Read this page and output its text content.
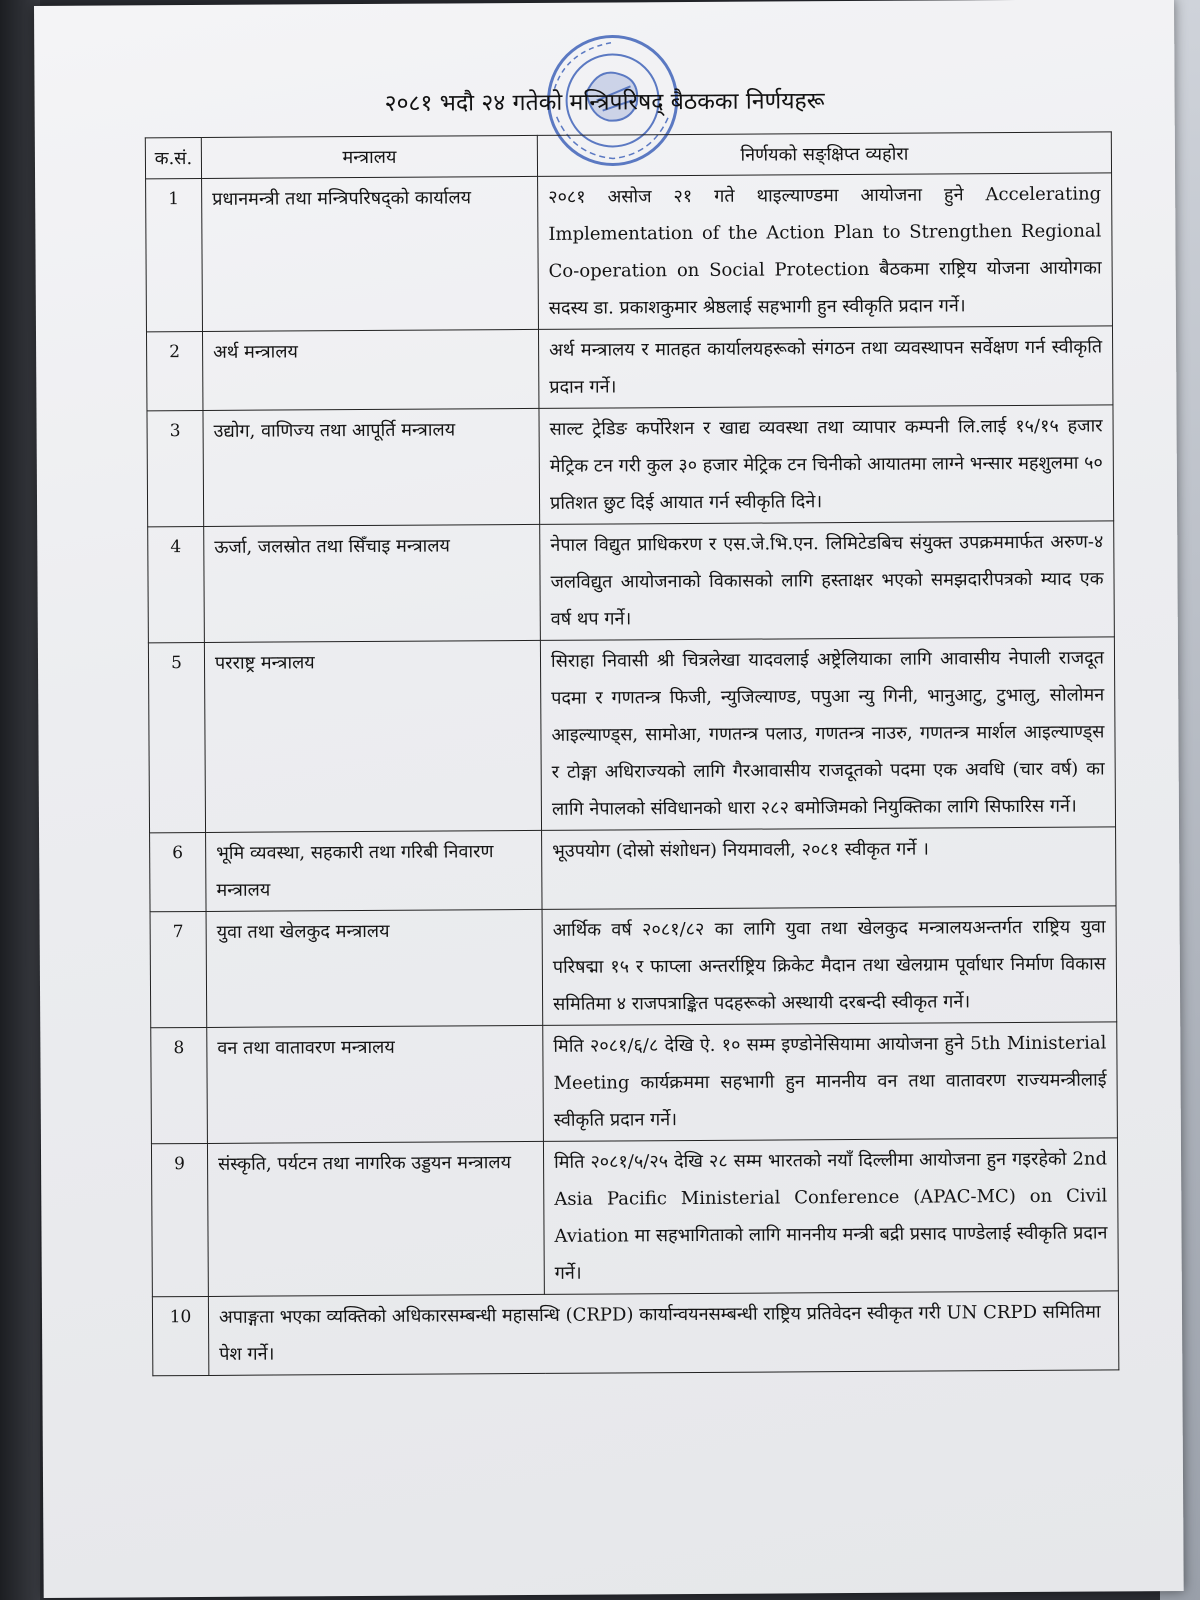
२०८१ भदौ २४ गतेको मन्त्रिपरिषद् बैठकका निर्णयहरू
क.सं.	मन्त्रालय	निर्णयको सङ्क्षिप्त व्यहोरा
1	प्रधानमन्त्री तथा मन्त्रिपरिषद्को कार्यालय	२०८१ असोज २१ गते थाइल्याण्डमा आयोजना हुने Accelerating Implementation of the Action Plan to Strengthen Regional Co-operation on Social Protection बैठकमा राष्ट्रिय योजना आयोगका सदस्य डा. प्रकाशकुमार श्रेष्ठलाई सहभागी हुन स्वीकृति प्रदान गर्ने।
2	अर्थ मन्त्रालय	अर्थ मन्त्रालय र मातहत कार्यालयहरूको संगठन तथा व्यवस्थापन सर्वेक्षण गर्न स्वीकृति प्रदान गर्ने।
3	उद्योग, वाणिज्य तथा आपूर्ति मन्त्रालय	साल्ट ट्रेडिङ कर्पोरेशन र खाद्य व्यवस्था तथा व्यापार कम्पनी लि.लाई १५/१५ हजार मेट्रिक टन गरी कुल ३० हजार मेट्रिक टन चिनीको आयातमा लाग्ने भन्सार महशुलमा ५० प्रतिशत छुट दिई आयात गर्न स्वीकृति दिने।
4	ऊर्जा, जलस्रोत तथा सिँचाइ मन्त्रालय	नेपाल विद्युत प्राधिकरण र एस.जे.भि.एन. लिमिटेडबिच संयुक्त उपक्रममार्फत अरुण-४ जलविद्युत आयोजनाको विकासको लागि हस्ताक्षर भएको समझदारीपत्रको म्याद एक वर्ष थप गर्ने।
5	परराष्ट्र मन्त्रालय	सिराहा निवासी श्री चित्रलेखा यादवलाई अष्ट्रेलियाका लागि आवासीय नेपाली राजदूत पदमा र गणतन्त्र फिजी, न्युजिल्याण्ड, पपुआ न्यु गिनी, भानुआटु, टुभालु, सोलोमन आइल्याण्ड्स, सामोआ, गणतन्त्र पलाउ, गणतन्त्र नाउरु, गणतन्त्र मार्शल आइल्याण्ड्स र टोङ्गा अधिराज्यको लागि गैरआवासीय राजदूतको पदमा एक अवधि (चार वर्ष) का लागि नेपालको संविधानको धारा २८२ बमोजिमको नियुक्तिका लागि सिफारिस गर्ने।
6	भूमि व्यवस्था, सहकारी तथा गरिबी निवारण मन्त्रालय	भूउपयोग (दोस्रो संशोधन) नियमावली, २०८१ स्वीकृत गर्ने ।
7	युवा तथा खेलकुद मन्त्रालय	आर्थिक वर्ष २०८१/८२ का लागि युवा तथा खेलकुद मन्त्रालयअन्तर्गत राष्ट्रिय युवा परिषद्मा १५ र फाप्ला अन्तर्राष्ट्रिय क्रिकेट मैदान तथा खेलग्राम पूर्वाधार निर्माण विकास समितिमा ४ राजपत्राङ्कित पदहरूको अस्थायी दरबन्दी स्वीकृत गर्ने।
8	वन तथा वातावरण मन्त्रालय	मिति २०८१/६/८ देखि ऐ. १० सम्म इण्डोनेसियामा आयोजना हुने 5th Ministerial Meeting कार्यक्रममा सहभागी हुन माननीय वन तथा वातावरण राज्यमन्त्रीलाई स्वीकृति प्रदान गर्ने।
9	संस्कृति, पर्यटन तथा नागरिक उड्डयन मन्त्रालय	मिति २०८१/५/२५ देखि २८ सम्म भारतको नयाँ दिल्लीमा आयोजना हुन गइरहेको 2nd Asia Pacific Ministerial Conference (APAC-MC) on Civil Aviation मा सहभागिताको लागि माननीय मन्त्री बद्री प्रसाद पाण्डेलाई स्वीकृति प्रदान गर्ने।
10	अपाङ्गता भएका व्यक्तिको अधिकारसम्बन्धी महासन्धि (CRPD) कार्यान्वयनसम्बन्धी राष्ट्रिय प्रतिवेदन स्वीकृत गरी UN CRPD समितिमा पेश गर्ने।	
